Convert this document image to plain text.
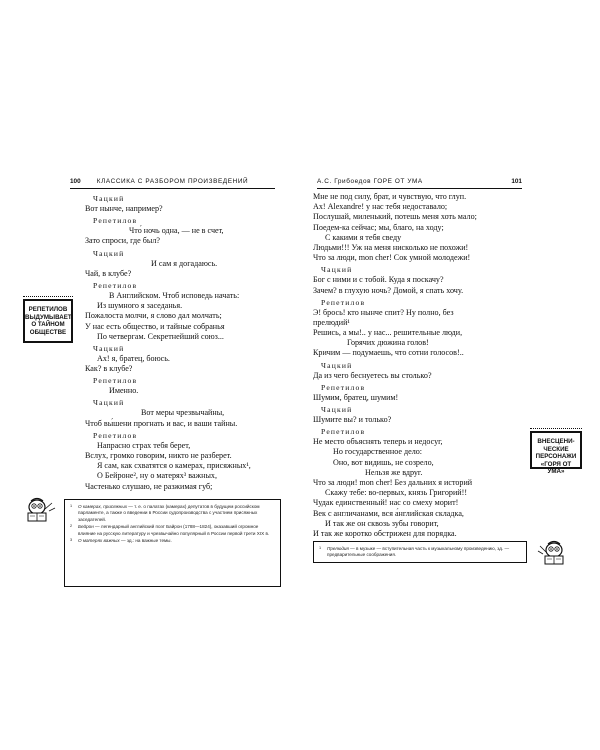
100	КЛАССИКА С РАЗБОРОМ ПРОИЗВЕДЕНИЙ
РЕПЕТИЛОВ
ВЫДУМЫВАЕТ
О ТАЙНОМ
ОБЩЕСТВЕ
Чацкий
Вот нынче, например?
Репетилов
Что́ ночь одна, — не в счет,
Зато спроси, где был?
Чацкий
И сам я догадаюсь.
Чай, в клубе?
Репетилов
В Английском. Чтоб исповедь начать:
Из шумного я заседанья.
Пожалоста молчи, я слово дал молчать;
У нас есть общество, и тайные собранья
По четвергам. Секретнейший союз...
Чацкий
Ах! я, братец, боюсь.
Как? в клубе?
Репетилов
Именно.
Чацкий
Вот меры чрезвычайны,
Чтоб вы́шени прогнать и вас, и ваши тайны.
Репетилов
Напрасно страх тебя берет,
Вслух, громко говорим, никто не разберет.
Я сам, как схватятся о камерах, присяжных¹,
О Бейроне², ну о матерях³ важных,
Частенько слушаю, не разжимая губ;
1 О камерах, присяжных — т. е. о палатах (камерах) депутатов в будущем российском парламенте, а также о введении в России судопроизводства с участием присяжных заседателей.
2 Бейрон — легендарный английский поэт Байрон (1788—1824), оказавший огромное влияние на русскую литературу и чрезвычайно популярный в России первой трети XIX в.
3 О матерях важных — зд.: на важные темы.
А.С. Грибоедов ГОРЕ ОТ УМА	101
Мне не под силу, брат, и чувствую, что глуп.
Ах! Alexandre! у нас тебя недоставало;
Послушай, миленький, потешь меня хоть мало;
Поедем-ка сейчас; мы, благо, на ходу;
С какими я тебя сведу
Людьми!!! Уж на меня нисколько не похожи!
Что за люди, mon cher! Сок умной молодежи!
Чацкий
Бог с ними и с тобой. Куда я поскачу?
Зачем? в глухую ночь? Домой, я спать хочу.
Репетилов
Э! брось! кто нынче спит? Ну полно, без
прелюдий¹
Решись, а мы!.. у нас... решительные люди,
Горячих дюжина голов!
Кричим — подумаешь, что сотни голосов!..
Чацкий
Да из чего беснуетесь вы столько?
Репетилов
Шумим, братец, шумим!
Чацкий
Шумите вы? и только?
Репетилов
Не место объяснять теперь и недосуг,
Но государственное дело:
Оно, вот видишь, не созрело,
Нельзя же вдруг.
Что за люди! mon cher! Без дальних я историй
Скажу тебе: во-первых, князь Григорий!!
Чудак единственный! нас со смеху морит!
Век с англичанами, вся а́нглийская складка,
И так же он сквозь зубы говорит,
И так же коротко обстрижен для порядка.
ВНЕСЦЕНИ-
ЧЕСКИЕ
ПЕРСОНАЖИ
«ГОРЯ ОТ УМА»
1 Прелюдия — в музыке — вступительная часть к музыкальному произведению, зд. — предварительные соображения.
